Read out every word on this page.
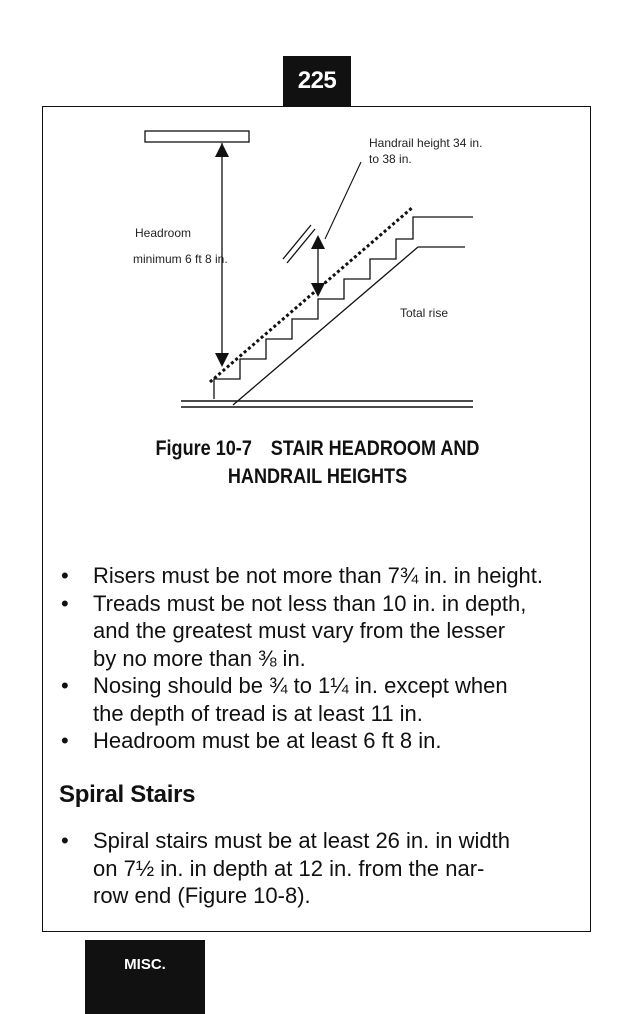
225
Handrail height 34 in.
to 38 in.
Headroom
minimum 6 ft 8 in.
Total rise
Figure 10-7 STAIR HEADROOM AND
HANDRAIL HEIGHTS
• Risers must be not more than 7¾ in. in height.
• Treads must be not less than 10 in. in depth,
and the greatest must vary from the lesser
by no more than ⅜ in.
• Nosing should be ¾ to 1¼ in. except when
the depth of tread is at least 11 in.
• Headroom must be at least 6 ft 8 in.
Spiral Stairs
• Spiral stairs must be at least 26 in. in width
on 7½ in. in depth at 12 in. from the nar-
row end (Figure 10-8).
MISC.
